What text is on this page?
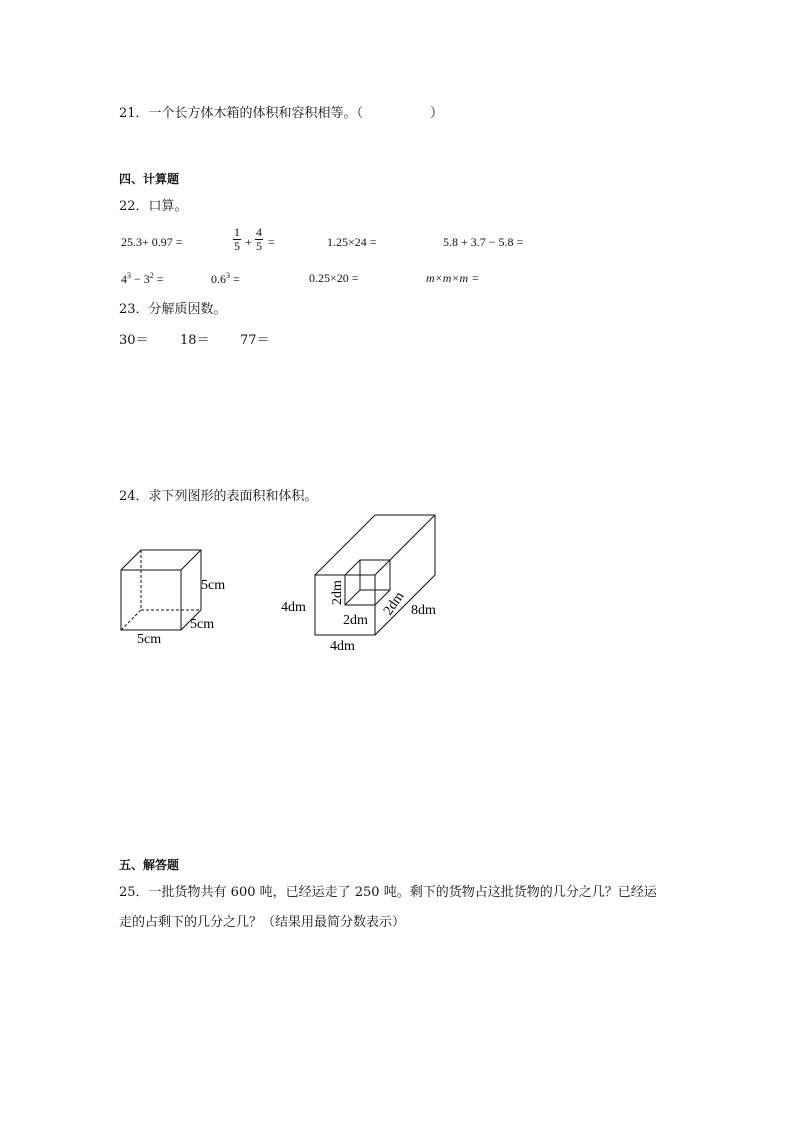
21．一个长方体木箱的体积和容积相等。（	）
四、计算题
22．口算。
25.3+ 0.97 =	$\frac{1}{5} + \frac{4}{5}$ =	1.25×24 =	5.8 + 3.7 − 5.8 =
$4^3 - 3^2$ =	$0.6^3$ =	0.25×20 =	m×m×m =
23．分解质因数。
30＝ 18＝ 77＝
24．求下列图形的表面积和体积。
5cm
5cm
5cm
4dm
4dm
8dm
2dm
2dm	2dm
五、解答题
25．一批货物共有 600 吨，已经运走了 250 吨。剩下的货物占这批货物的几分之几？已经运
走的占剩下的几分之几？（结果用最简分数表示）
